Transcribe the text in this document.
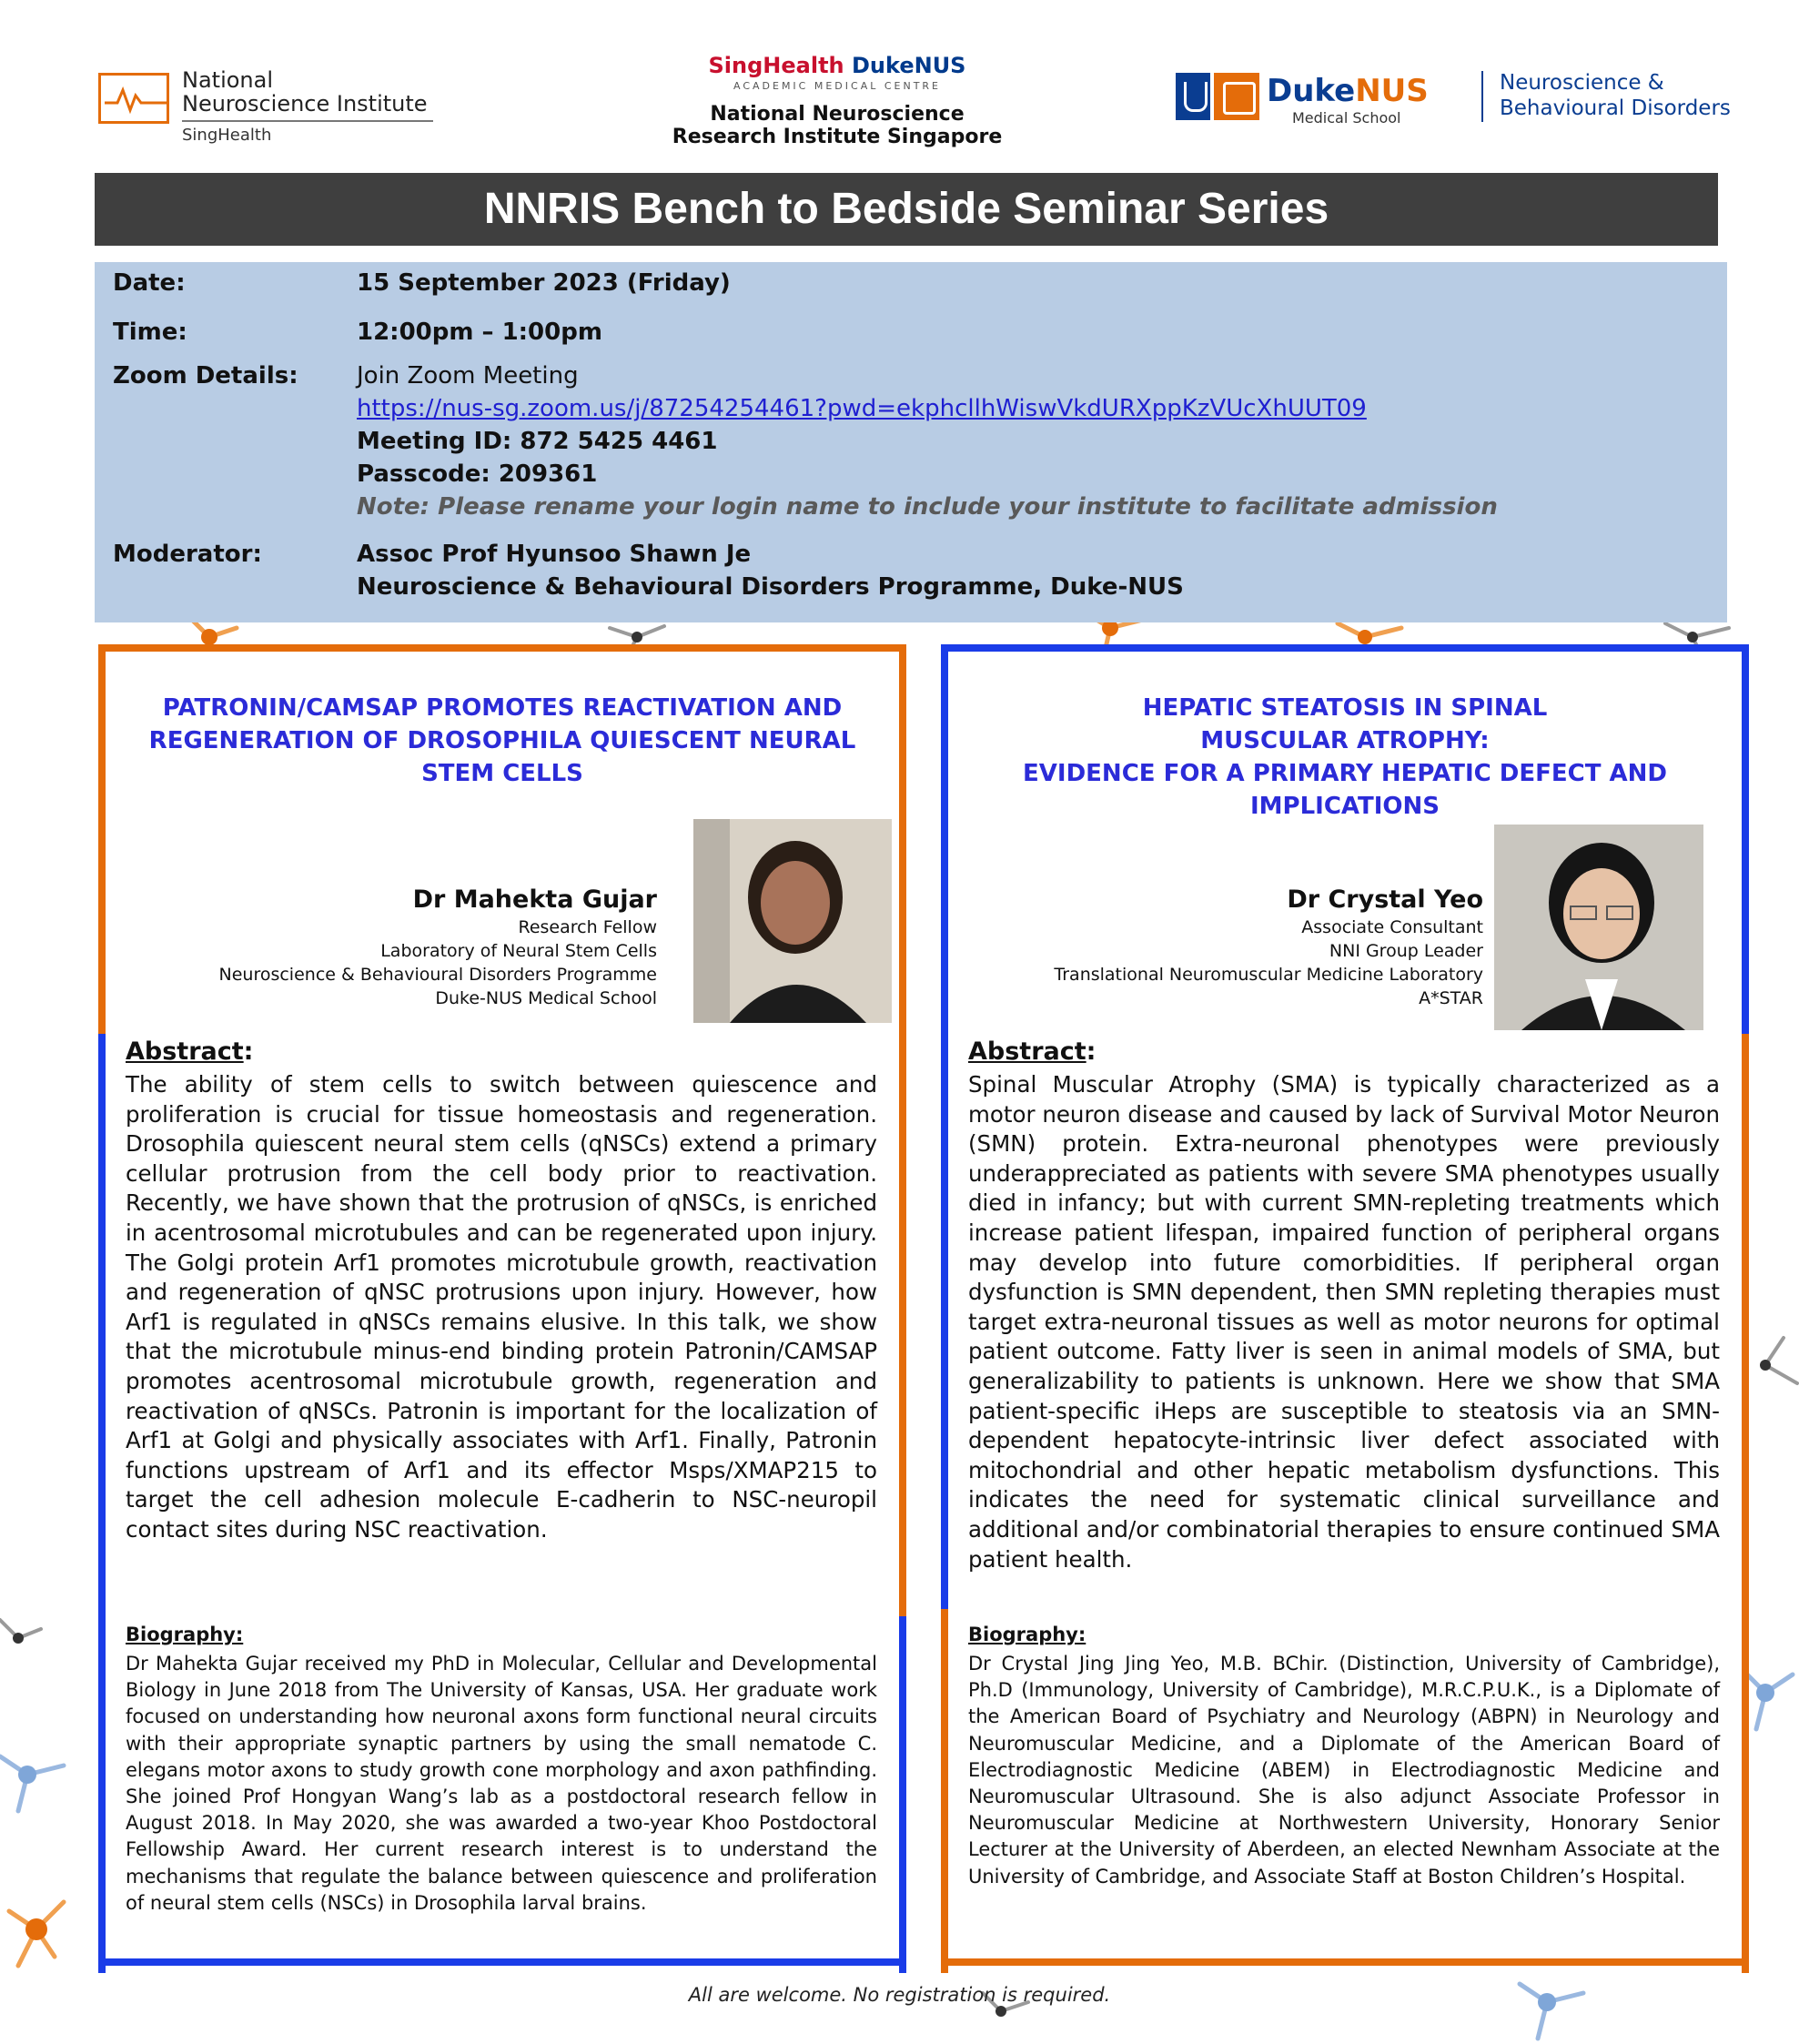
National
Neuroscience Institute
SingHealth
SingHealth DukeNUS
ACADEMIC MEDICAL CENTRE
National Neuroscience
Research Institute Singapore
DukeNUS
Medical School
Neuroscience &
Behavioural Disorders
NNRIS Bench to Bedside Seminar Series
Date:	15 September 2023 (Friday)
Time:	12:00pm – 1:00pm
Zoom Details: Join Zoom Meeting
https://nus-sg.zoom.us/j/87254254461?pwd=ekphcllhWiswVkdURXppKzVUcXhUUT09
Meeting ID: 872 5425 4461
Passcode: 209361
Note: Please rename your login name to include your institute to facilitate admission
Moderator:	Assoc Prof Hyunsoo Shawn Je
Neuroscience & Behavioural Disorders Programme, Duke-NUS
PATRONIN/CAMSAP PROMOTES REACTIVATION AND
REGENERATION OF DROSOPHILA QUIESCENT NEURAL
STEM CELLS
Dr Mahekta Gujar
Research Fellow
Laboratory of Neural Stem Cells
Neuroscience & Behavioural Disorders Programme
Duke-NUS Medical School
Abstract:
The ability of stem cells to switch between quiescence and proliferation is crucial for tissue homeostasis and regeneration. Drosophila quiescent neural stem cells (qNSCs) extend a primary cellular protrusion from the cell body prior to reactivation. Recently, we have shown that the protrusion of qNSCs, is enriched in acentrosomal microtubules and can be regenerated upon injury. The Golgi protein Arf1 promotes microtubule growth, reactivation and regeneration of qNSC protrusions upon injury. However, how Arf1 is regulated in qNSCs remains elusive. In this talk, we show that the microtubule minus-end binding protein Patronin/CAMSAP promotes acentrosomal microtubule growth, regeneration and reactivation of qNSCs. Patronin is important for the localization of Arf1 at Golgi and physically associates with Arf1. Finally, Patronin functions upstream of Arf1 and its effector Msps/XMAP215 to target the cell adhesion molecule E-cadherin to NSC-neuropil contact sites during NSC reactivation.
Biography:
Dr Mahekta Gujar received my PhD in Molecular, Cellular and Developmental Biology in June 2018 from The University of Kansas, USA. Her graduate work focused on understanding how neuronal axons form functional neural circuits with their appropriate synaptic partners by using the small nematode C. elegans motor axons to study growth cone morphology and axon pathfinding. She joined Prof Hongyan Wang’s lab as a postdoctoral research fellow in August 2018. In May 2020, she was awarded a two-year Khoo Postdoctoral Fellowship Award. Her current research interest is to understand the mechanisms that regulate the balance between quiescence and proliferation of neural stem cells (NSCs) in Drosophila larval brains.
HEPATIC STEATOSIS IN SPINAL
MUSCULAR ATROPHY:
EVIDENCE FOR A PRIMARY HEPATIC DEFECT AND
IMPLICATIONS
Dr Crystal Yeo
Associate Consultant
NNI Group Leader
Translational Neuromuscular Medicine Laboratory
A*STAR
Abstract:
Spinal Muscular Atrophy (SMA) is typically characterized as a motor neuron disease and caused by lack of Survival Motor Neuron (SMN) protein. Extra-neuronal phenotypes were previously underappreciated as patients with severe SMA phenotypes usually died in infancy; but with current SMN-repleting treatments which increase patient lifespan, impaired function of peripheral organs may develop into future comorbidities. If peripheral organ dysfunction is SMN dependent, then SMN repleting therapies must target extra-neuronal tissues as well as motor neurons for optimal patient outcome. Fatty liver is seen in animal models of SMA, but generalizability to patients is unknown. Here we show that SMA patient-specific iHeps are susceptible to steatosis via an SMN-dependent hepatocyte-intrinsic liver defect associated with mitochondrial and other hepatic metabolism dysfunctions. This indicates the need for systematic clinical surveillance and additional and/or combinatorial therapies to ensure continued SMA patient health.
Biography:
Dr Crystal Jing Jing Yeo, M.B. BChir. (Distinction, University of Cambridge), Ph.D (Immunology, University of Cambridge), M.R.C.P.U.K., is a Diplomate of the American Board of Psychiatry and Neurology (ABPN) in Neurology and Neuromuscular Medicine, and a Diplomate of the American Board of Electrodiagnostic Medicine (ABEM) in Electrodiagnostic Medicine and Neuromuscular Ultrasound. She is also adjunct Associate Professor in Neuromuscular Medicine at Northwestern University, Honorary Senior Lecturer at the University of Aberdeen, an elected Newnham Associate at the University of Cambridge, and Associate Staff at Boston Children’s Hospital.
All are welcome. No registration is required.
